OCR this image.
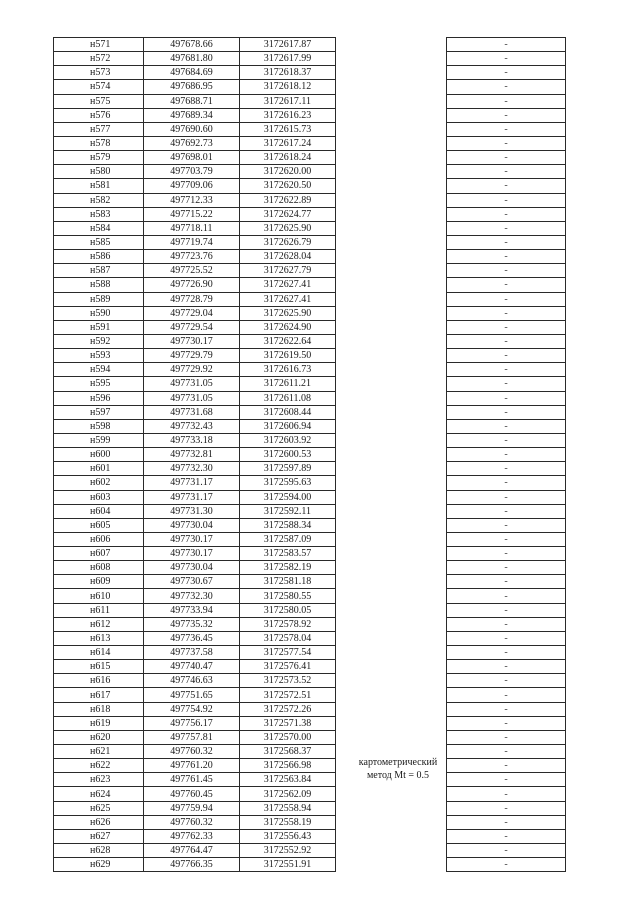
н571	497678.66	3172617.87		-
н572	497681.80	3172617.99		-
н573	497684.69	3172618.37		-
н574	497686.95	3172618.12		-
н575	497688.71	3172617.11		-
н576	497689.34	3172616.23		-
н577	497690.60	3172615.73		-
н578	497692.73	3172617.24		-
н579	497698.01	3172618.24		-
н580	497703.79	3172620.00		-
н581	497709.06	3172620.50		-
н582	497712.33	3172622.89		-
н583	497715.22	3172624.77		-
н584	497718.11	3172625.90		-
н585	497719.74	3172626.79		-
н586	497723.76	3172628.04		-
н587	497725.52	3172627.79		-
н588	497726.90	3172627.41		-
н589	497728.79	3172627.41		-
н590	497729.04	3172625.90		-
н591	497729.54	3172624.90		-
н592	497730.17	3172622.64		-
н593	497729.79	3172619.50		-
н594	497729.92	3172616.73		-
н595	497731.05	3172611.21		-
н596	497731.05	3172611.08		-
н597	497731.68	3172608.44		-
н598	497732.43	3172606.94		-
н599	497733.18	3172603.92		-
н600	497732.81	3172600.53		-
н601	497732.30	3172597.89		-
н602	497731.17	3172595.63		-
н603	497731.17	3172594.00		-
н604	497731.30	3172592.11		-
н605	497730.04	3172588.34		-
н606	497730.17	3172587.09		-
н607	497730.17	3172583.57		-
н608	497730.04	3172582.19		-
н609	497730.67	3172581.18		-
н610	497732.30	3172580.55		-
н611	497733.94	3172580.05		-
н612	497735.32	3172578.92		-
н613	497736.45	3172578.04		-
н614	497737.58	3172577.54		-
н615	497740.47	3172576.41		-
н616	497746.63	3172573.52		-
н617	497751.65	3172572.51		-
н618	497754.92	3172572.26		-
н619	497756.17	3172571.38		-
н620	497757.81	3172570.00		-
н621	497760.32	3172568.37		-
н622	497761.20	3172566.98		-
н623	497761.45	3172563.84		-
н624	497760.45	3172562.09		-
н625	497759.94	3172558.94		-
н626	497760.32	3172558.19		-
н627	497762.33	3172556.43		-
н628	497764.47	3172552.92		-
н629	497766.35	3172551.91		-
картометрический
метод Mt = 0.5
